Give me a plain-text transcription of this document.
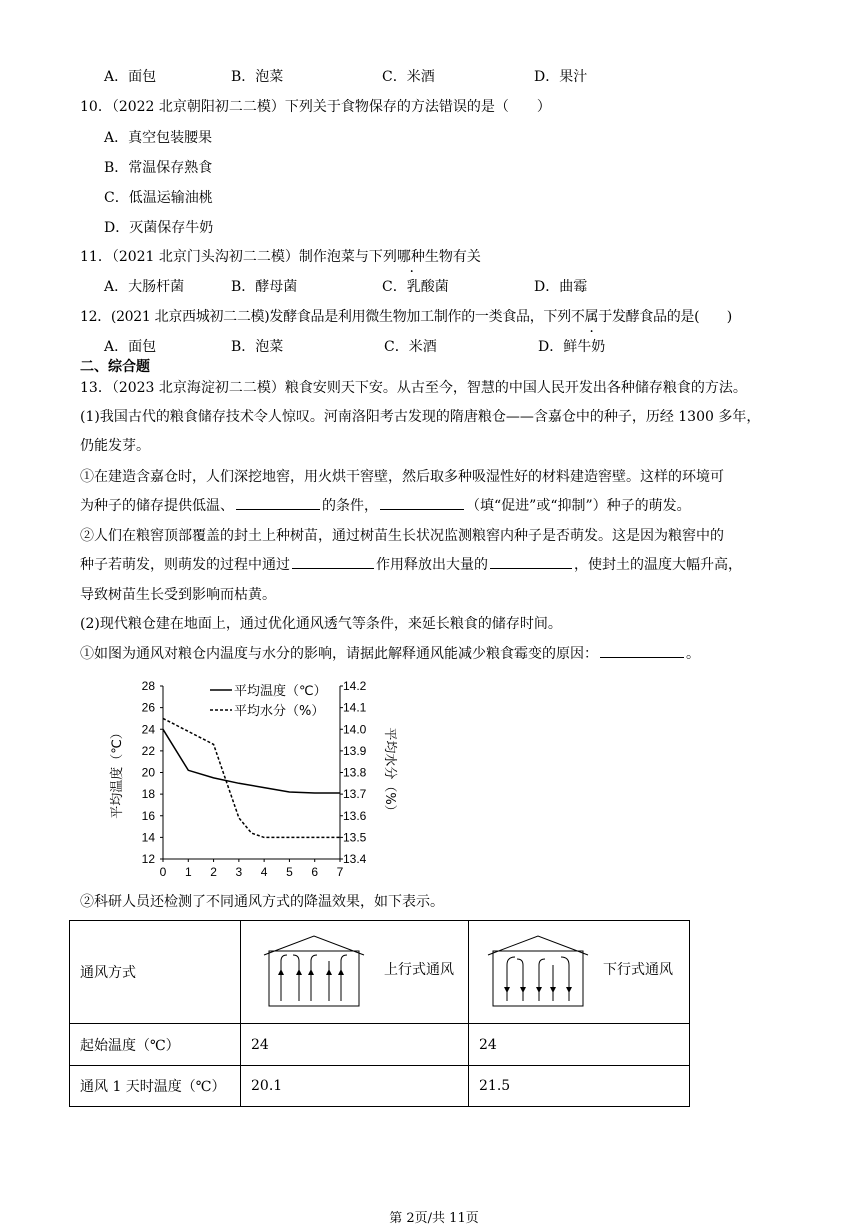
A．面包	B．泡菜	C．米酒	D．果汁
10．（2022 北京朝阳初二二模）下列关于食物保存的方法错误的是（　　）
A．真空包装腰果
B．常温保存熟食
C．低温运输油桃
D．灭菌保存牛奶
11．（2021 北京门头沟初二二模）制作泡菜与下列哪种生物有关
A．大肠杆菌	B．酵母菌	C．乳酸菌	D．曲霉
12．(2021 北京西城初二二模)发酵食品是利用微生物加工制作的一类食品，下列不属于发酵食品的是(　　)
A．面包	B．泡菜	C．米酒	D．鲜牛奶
二、综合题
13．（2023 北京海淀初二二模）粮食安则天下安。从古至今，智慧的中国人民开发出各种储存粮食的方法。
(1)我国古代的粮食储存技术令人惊叹。河南洛阳考古发现的隋唐粮仓——含嘉仓中的种子，历经 1300 多年，
仍能发芽。
①在建造含嘉仓时，人们深挖地窖，用火烘干窖壁，然后取多种吸湿性好的材料建造窖壁。这样的环境可
为种子的储存提供低温、	的条件，	（填“促进”或“抑制”）种子的萌发。
②人们在粮窖顶部覆盖的封土上种树苗，通过树苗生长状况监测粮窖内种子是否萌发。这是因为粮窖中的
种子若萌发，则萌发的过程中通过	作用释放出大量的	，使封土的温度大幅升高，
导致树苗生长受到影响而枯黄。
(2)现代粮仓建在地面上，通过优化通风透气等条件，来延长粮食的储存时间。
①如图为通风对粮仓内温度与水分的影响，请据此解释通风能减少粮食霉变的原因：	。
12
14
16
18
20
22
24
26
28
13.4
13.5
13.6
13.7
13.8
13.9
14.0
14.1
14.2
0 1 2 3 4 5 6 7
平均温度（℃）	平均水分（%）
平均温度（℃）
平均水分（%）
②科研人员还检测了不同通风方式的降温效果，如下表示。
通风方式	上行式通风	下行式通风

起始温度（℃）	24	24
通风 1 天时温度（℃）	20.1	21.5
第 2页/共 11页
